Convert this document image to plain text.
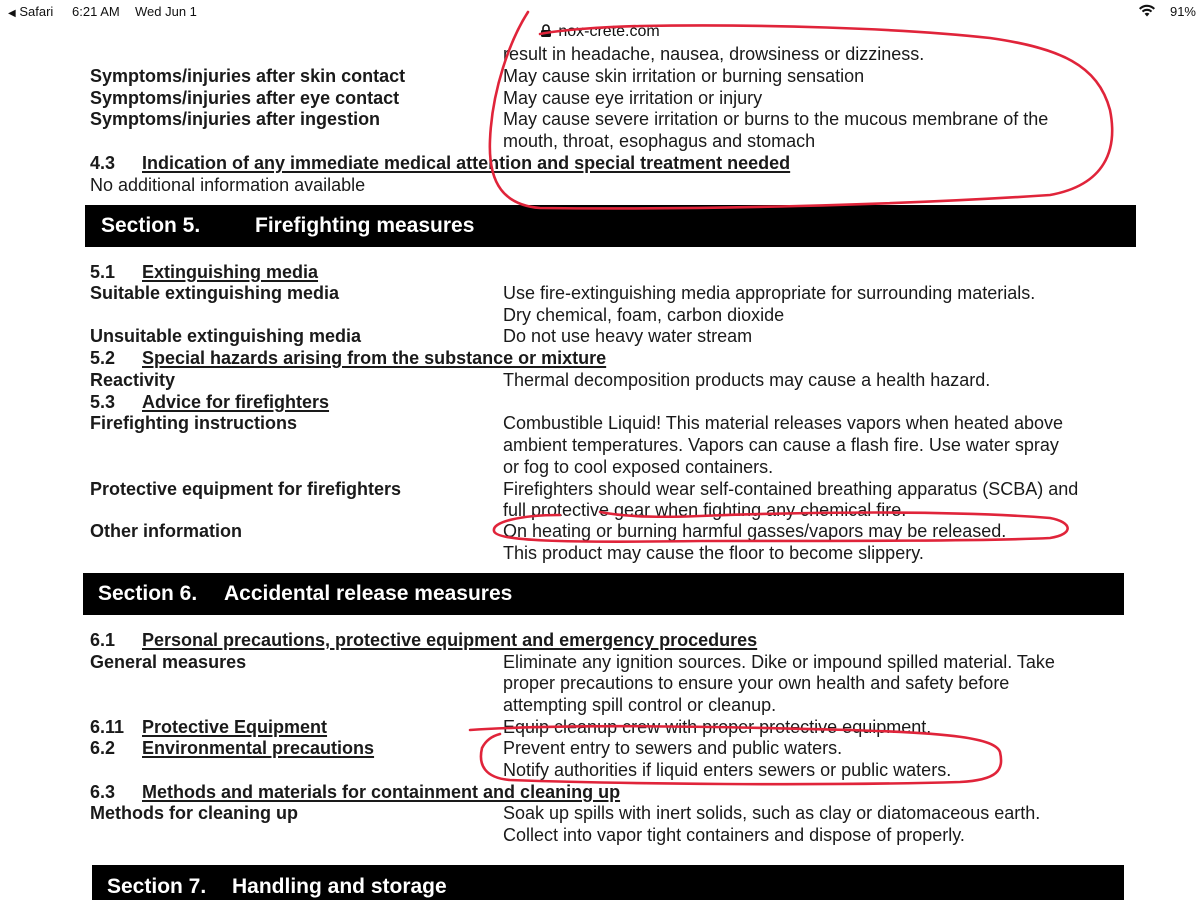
◀ Safari 6:21 AM Wed Jun 1	91%
nox-crete.com
result in headache, nausea, drowsiness or dizziness.
Symptoms/injuries after skin contact	May cause skin irritation or burning sensation
Symptoms/injuries after eye contact	May cause eye irritation or injury
Symptoms/injuries after ingestion	May cause severe irritation or burns to the mucous membrane of the
mouth, throat, esophagus and stomach
4.3 Indication of any immediate medical attention and special treatment needed
No additional information available
Section 5.	Firefighting measures
5.1 Extinguishing media
Suitable extinguishing media	Use fire-extinguishing media appropriate for surrounding materials.
Dry chemical, foam, carbon dioxide
Unsuitable extinguishing media	Do not use heavy water stream
5.2 Special hazards arising from the substance or mixture
Reactivity	Thermal decomposition products may cause a health hazard.
5.3 Advice for firefighters
Firefighting instructions	Combustible Liquid! This material releases vapors when heated above
ambient temperatures. Vapors can cause a flash fire. Use water spray
or fog to cool exposed containers.
Protective equipment for firefighters	Firefighters should wear self-contained breathing apparatus (SCBA) and
full protective gear when fighting any chemical fire.
Other information	On heating or burning harmful gasses/vapors may be released.
This product may cause the floor to become slippery.
Section 6. Accidental release measures
6.1 Personal precautions, protective equipment and emergency procedures
General measures	Eliminate any ignition sources. Dike or impound spilled material. Take
proper precautions to ensure your own health and safety before
attempting spill control or cleanup.
6.11 Protective Equipment	Equip cleanup crew with proper protective equipment.
6.2 Environmental precautions	Prevent entry to sewers and public waters.
Notify authorities if liquid enters sewers or public waters.
6.3 Methods and materials for containment and cleaning up
Methods for cleaning up	Soak up spills with inert solids, such as clay or diatomaceous earth.
Collect into vapor tight containers and dispose of properly.
Section 7. Handling and storage
